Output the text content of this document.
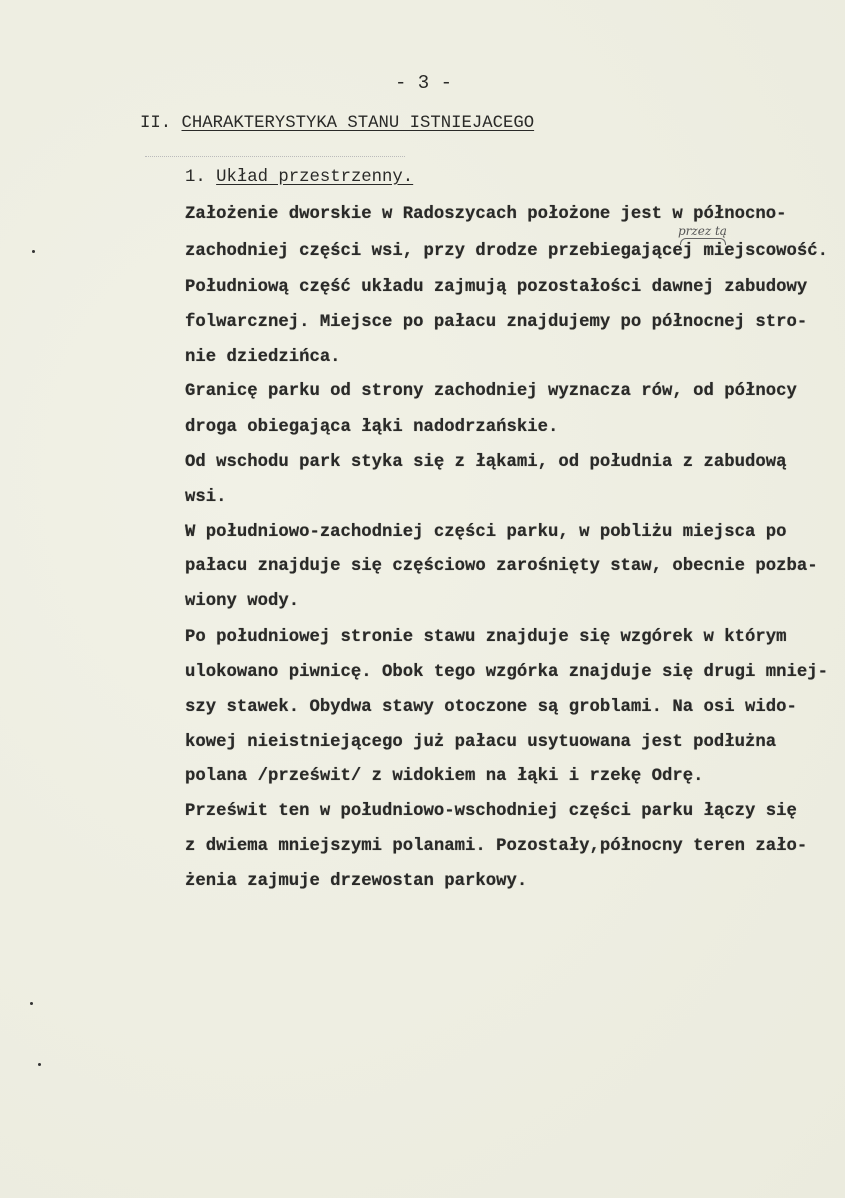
- 3 -
II. CHARAKTERYSTYKA STANU ISTNIEJACEGO
1. Układ przestrzenny.
przez tą
Założenie dworskie w Radoszycach położone jest w północno-
zachodniej części wsi, przy drodze przebiegającej miejscowość.
Południową część układu zajmują pozostałości dawnej zabudowy
folwarcznej. Miejsce po pałacu znajdujemy po północnej stro-
nie dziedzińca.
Granicę parku od strony zachodniej wyznacza rów, od północy
droga obiegająca łąki nadodrzańskie.
Od wschodu park styka się z łąkami, od południa z zabudową
wsi.
W południowo-zachodniej części parku, w pobliżu miejsca po
pałacu znajduje się częściowo zarośnięty staw, obecnie pozba-
wiony wody.
Po południowej stronie stawu znajduje się wzgórek w którym
ulokowano piwnicę. Obok tego wzgórka znajduje się drugi mniej-
szy stawek. Obydwa stawy otoczone są groblami. Na osi wido-
kowej nieistniejącego już pałacu usytuowana jest podłużna
polana /prześwit/ z widokiem na łąki i rzekę Odrę.
Prześwit ten w południowo-wschodniej części parku łączy się
z dwiema mniejszymi polanami. Pozostały,północny teren zało-
żenia zajmuje drzewostan parkowy.
